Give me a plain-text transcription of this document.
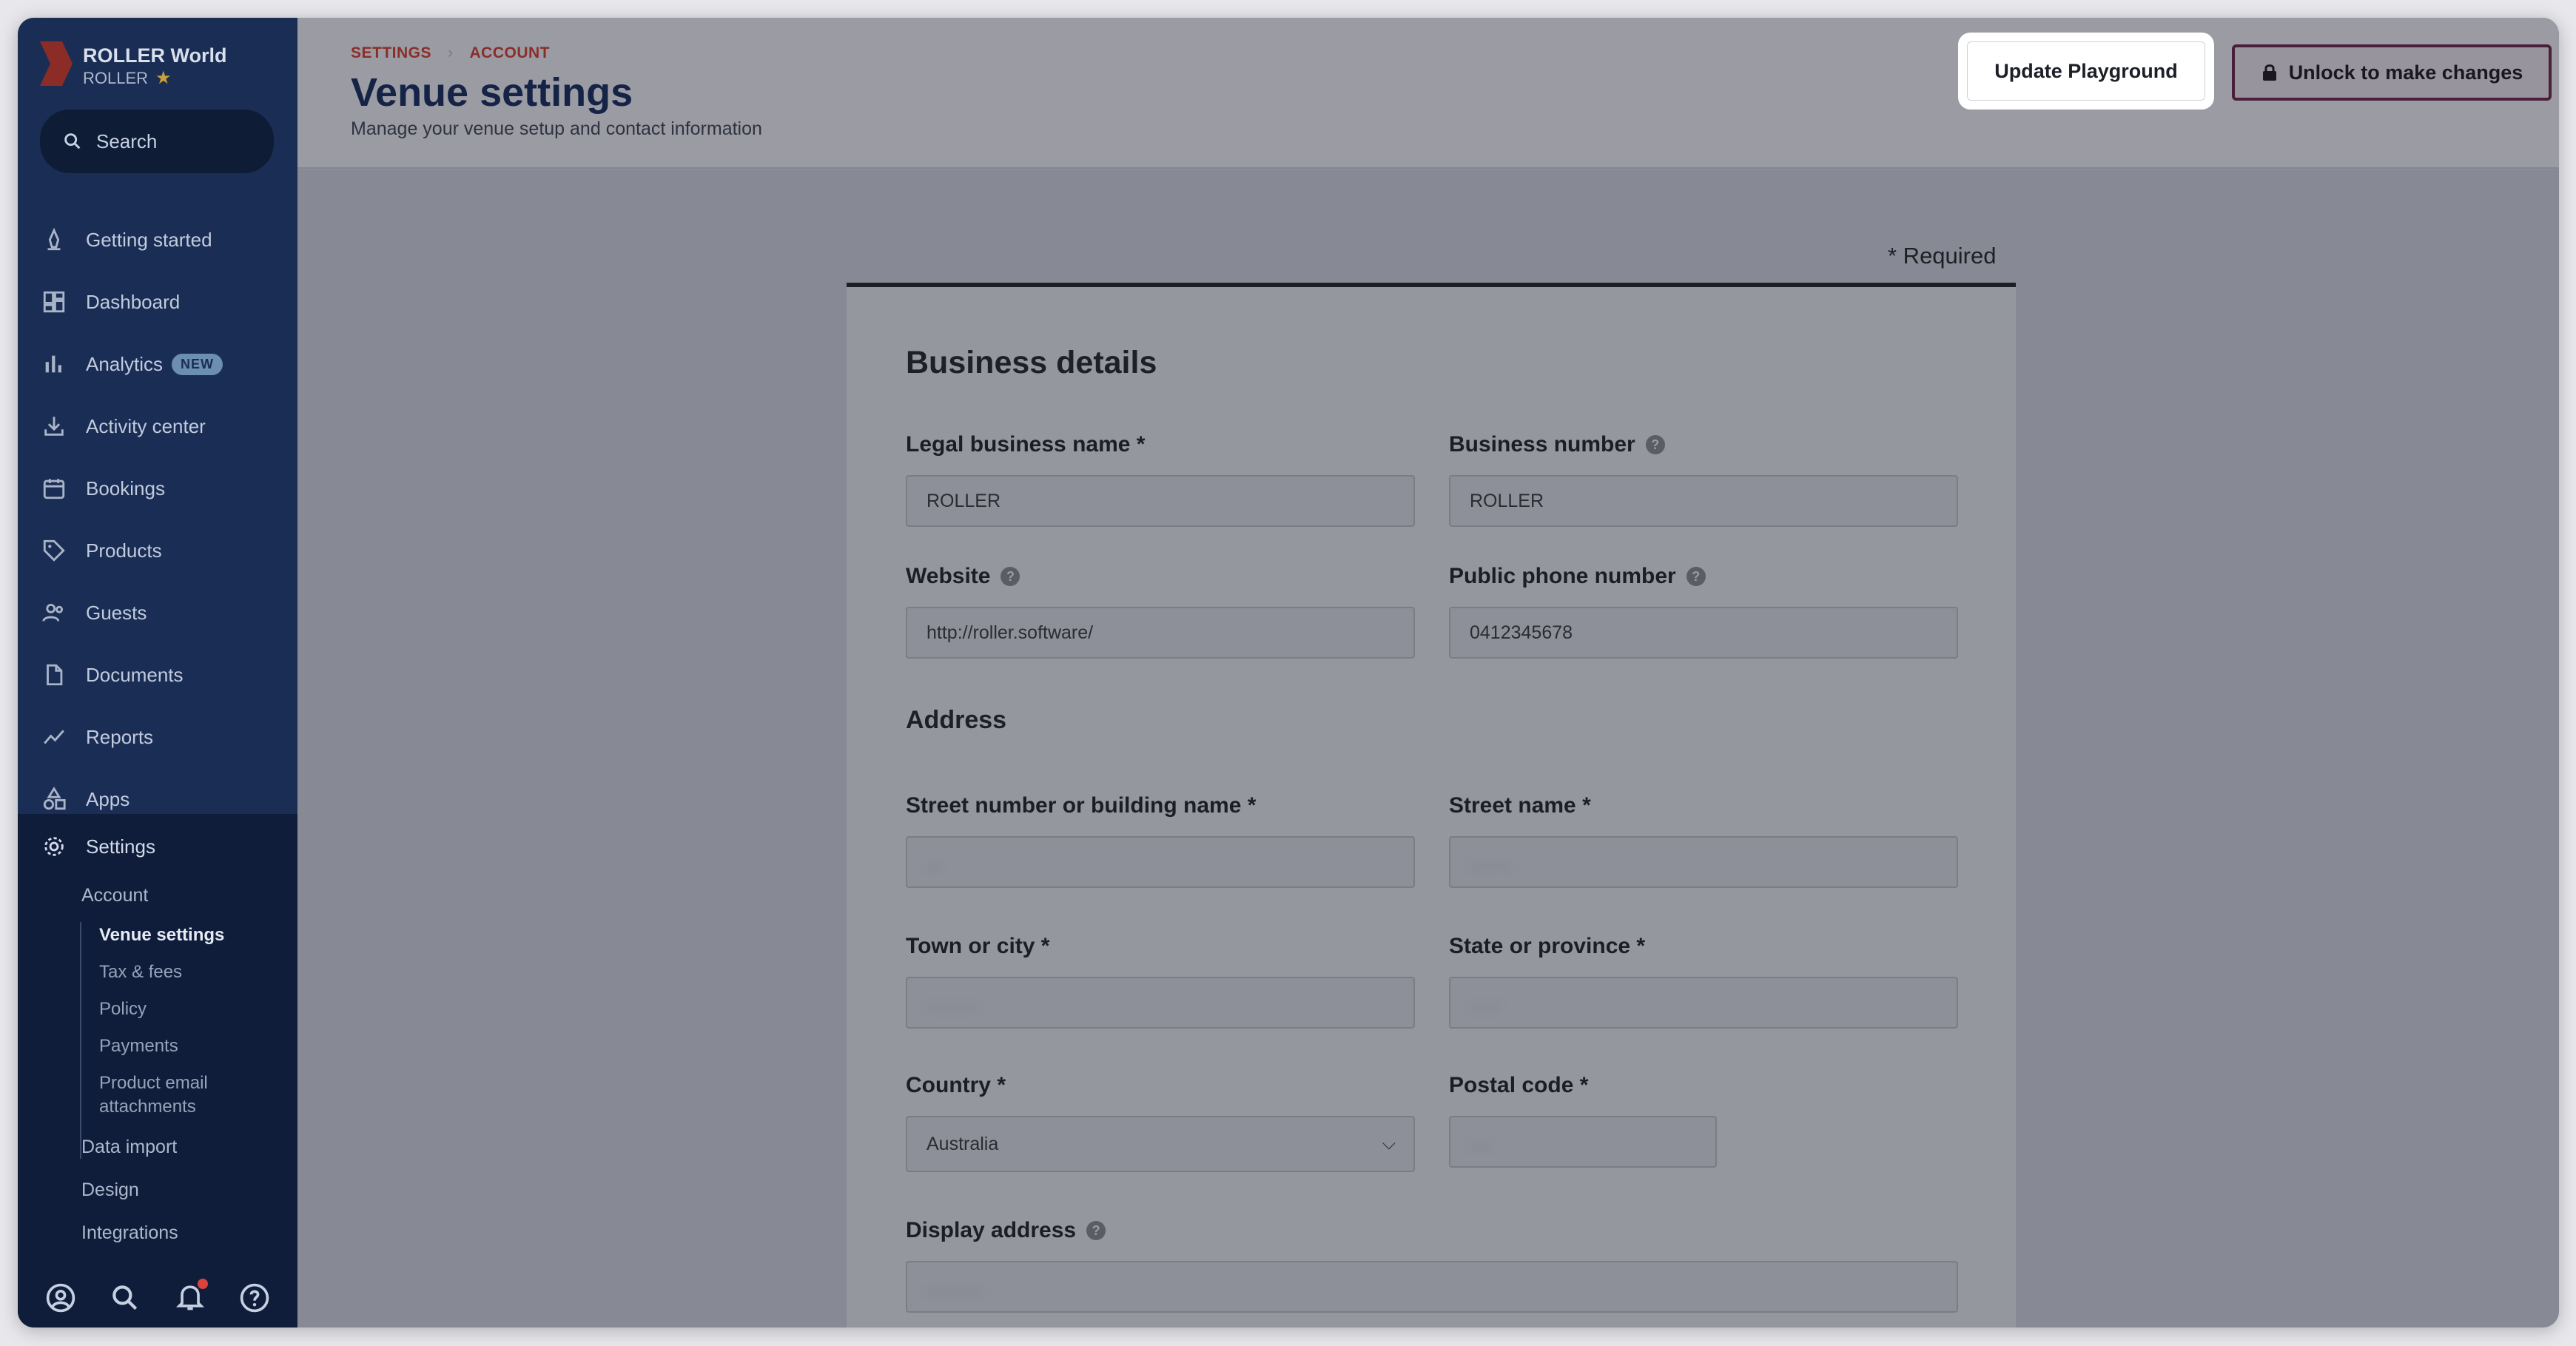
ROLLER World
ROLLER ★
Search
Getting started
Dashboard
Analytics	NEW
Activity center
Bookings
Products
Guests
Documents
Reports
Apps
Settings
Account
Venue settings
Tax & fees
Policy
Payments
Product email
attachments
Data import
Design
Integrations
SETTINGS › ACCOUNT
Venue settings
Manage your venue setup and contact information
Update Playground	Unlock to make changes
* Required
Business details
Legal business name *
ROLLER
Business number	?
ROLLER
Website	?
http://roller.software/
Public phone number	?
0412345678
Address
Street number or building name *
...
Street name *
........
Town or city *
..........
State or province *
......
Country *
Australia	⌵
Postal code *
....
Display address	?
...........
